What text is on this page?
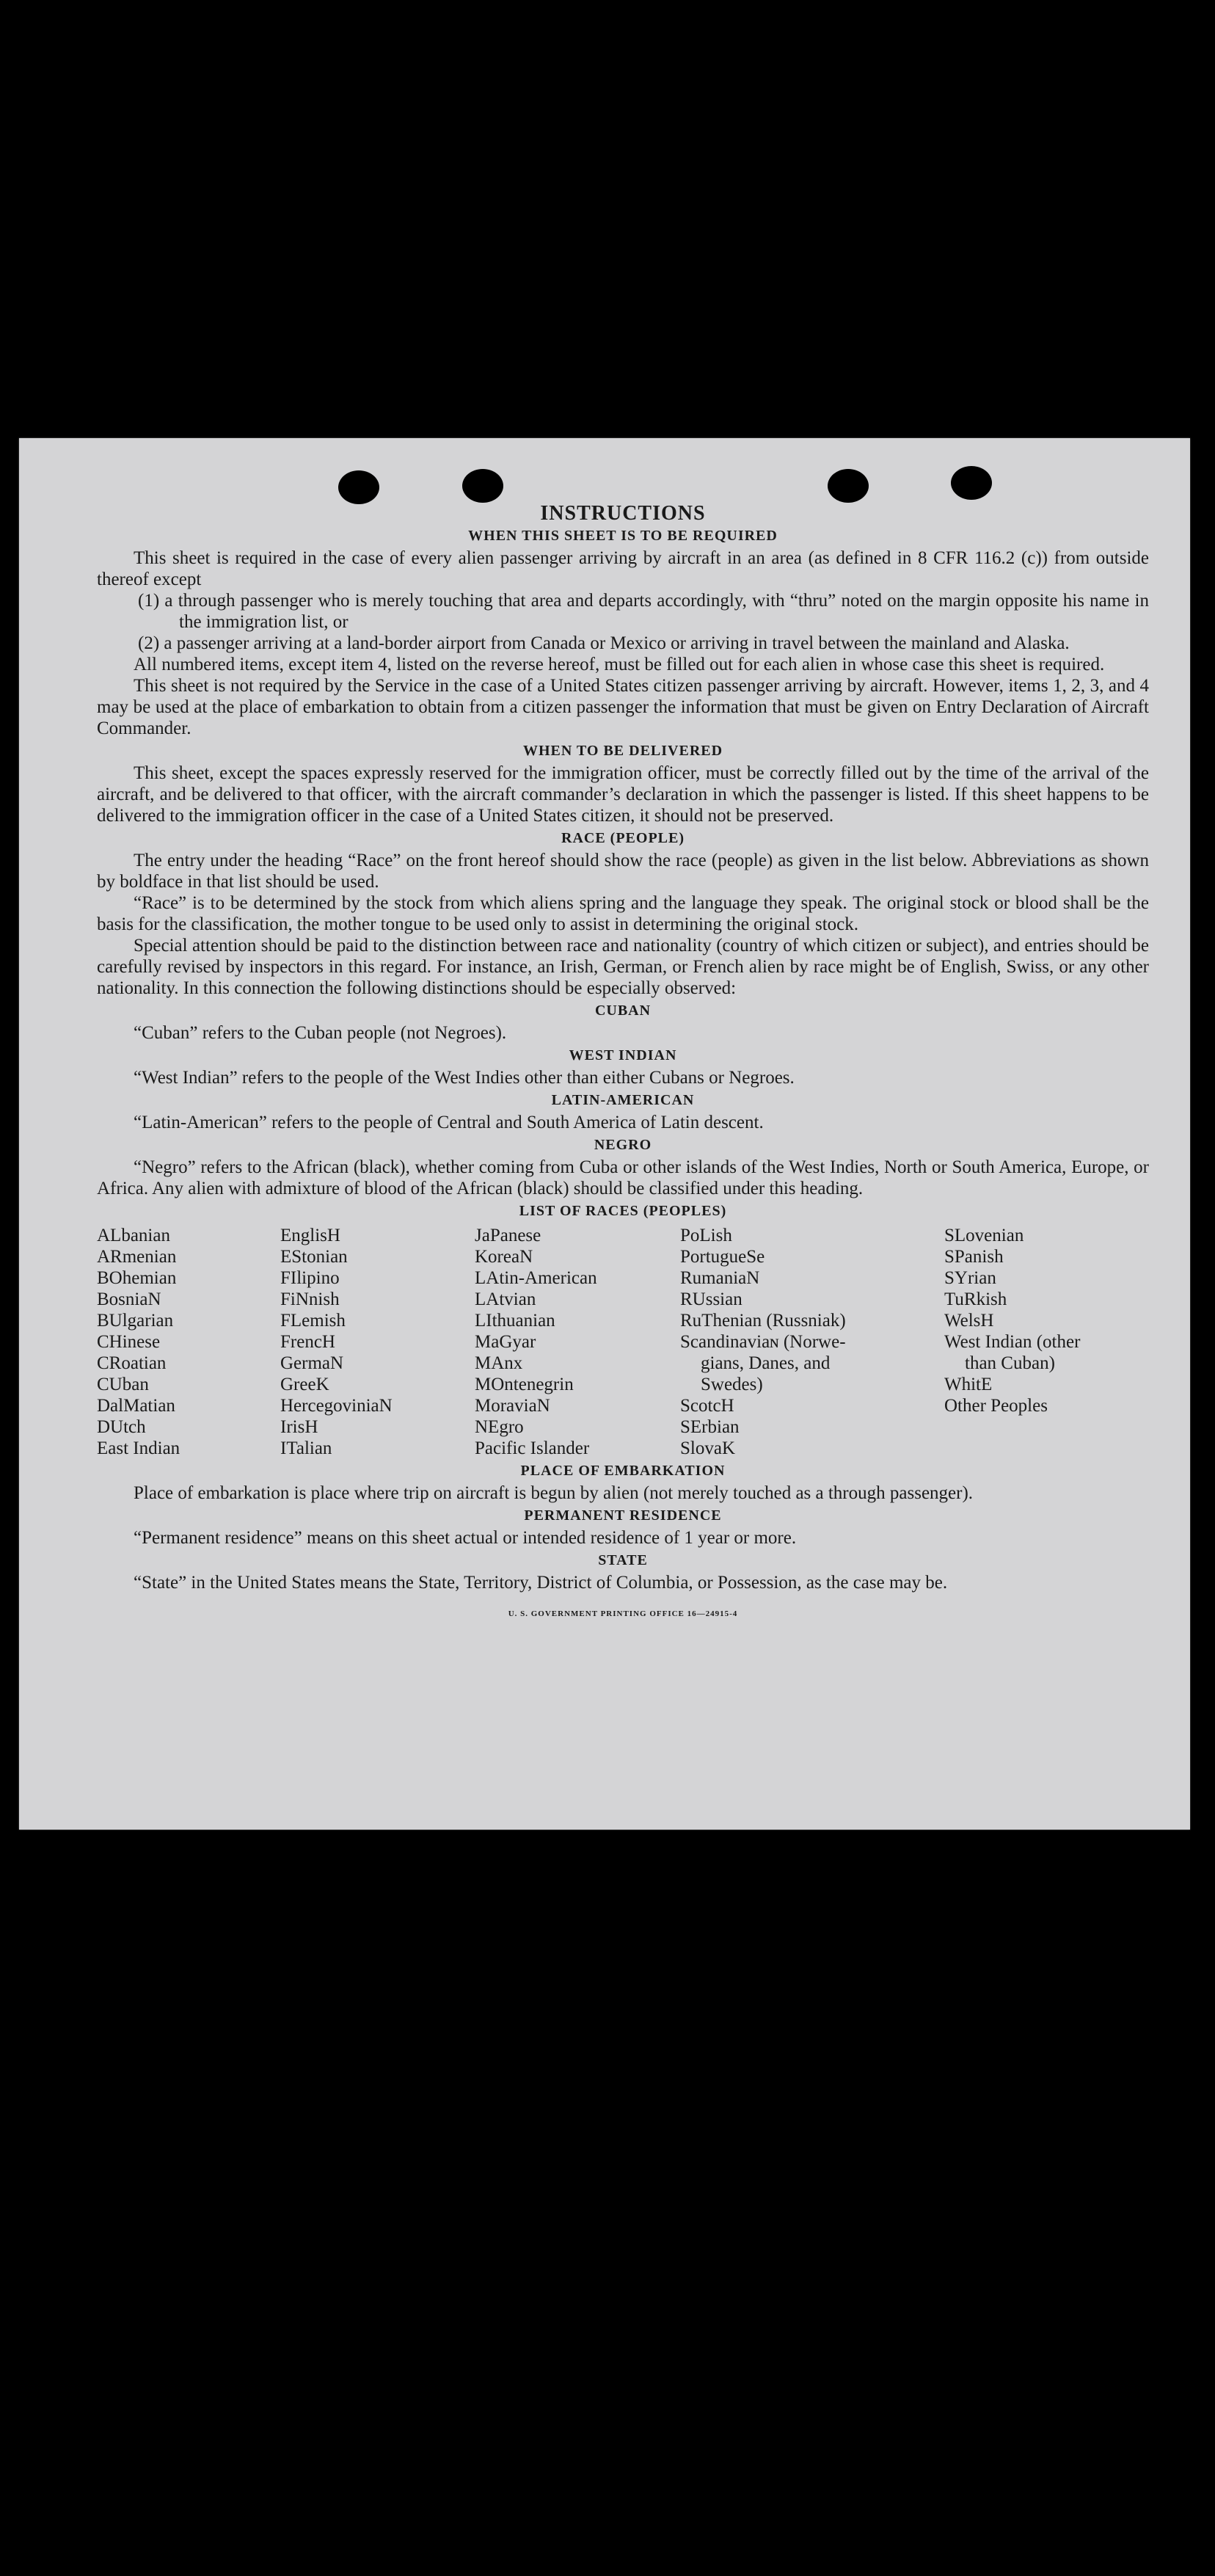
INSTRUCTIONS
WHEN THIS SHEET IS TO BE REQUIRED

This sheet is required in the case of every alien passenger arriving by aircraft in an area (as defined in 8 CFR 116.2 (c)) from outside thereof except

(1) a through passenger who is merely touching that area and departs accordingly, with “thru” noted on the margin opposite his name in the immigration list, or
(2) a passenger arriving at a land-border airport from Canada or Mexico or arriving in travel between the mainland and Alaska.

All numbered items, except item 4, listed on the reverse hereof, must be filled out for each alien in whose case this sheet is required.

This sheet is not required by the Service in the case of a United States citizen passenger arriving by aircraft. However, items 1, 2, 3, and 4 may be used at the place of embarkation to obtain from a citizen passenger the information that must be given on Entry Declaration of Aircraft Commander.

WHEN TO BE DELIVERED

This sheet, except the spaces expressly reserved for the immigration officer, must be correctly filled out by the time of the arrival of the aircraft, and be delivered to that officer, with the aircraft commander’s declaration in which the passenger is listed. If this sheet happens to be delivered to the immigration officer in the case of a United States citizen, it should not be preserved.

RACE (PEOPLE)

The entry under the heading “Race” on the front hereof should show the race (people) as given in the list below. Abbreviations as shown by boldface in that list should be used.

“Race” is to be determined by the stock from which aliens spring and the language they speak. The original stock or blood shall be the basis for the classification, the mother tongue to be used only to assist in determining the original stock.

Special attention should be paid to the distinction between race and nationality (country of which citizen or subject), and entries should be carefully revised by inspectors in this regard. For instance, an Irish, German, or French alien by race might be of English, Swiss, or any other nationality. In this connection the following distinctions should be especially observed:

CUBAN

“Cuban” refers to the Cuban people (not Negroes).

WEST INDIAN

“West Indian” refers to the people of the West Indies other than either Cubans or Negroes.

LATIN-AMERICAN

“Latin-American” refers to the people of Central and South America of Latin descent.

NEGRO

“Negro” refers to the African (black), whether coming from Cuba or other islands of the West Indies, North or South America, Europe, or Africa. Any alien with admixture of blood of the African (black) should be classified under this heading.

LIST OF RACES (PEOPLES)
ALbanian
ARmenian
BOhemian
BosniaN
BUlgarian
CHinese
CRoatian
CUban
DalMatian
DUtch
East Indian
EnglisH
EStonian
FIlipino
FiNnish
FLemish
FrencH
GermaN
GreeK
HercegoviniaN
IrisH
ITalian
JaPanese
KoreaN
LAtin-American
LAtvian
LIthuanian
MaGyar
MAnx
MOntenegrin
MoraviaN
NEgro
Pacific Islander
PoLish
PortugueSe
RumaniaN
RUssian
RuThenian (Russniak)
Scandinaviaɴ (Norwe-
gians, Danes, and
Swedes)
ScotcH
SErbian
SlovaK
SLovenian
SPanish
SYrian
TuRkish
WelsH
West Indian (other
than Cuban)
WhitE
Other Peoples
PLACE OF EMBARKATION

Place of embarkation is place where trip on aircraft is begun by alien (not merely touched as a through passenger).

PERMANENT RESIDENCE

“Permanent residence” means on this sheet actual or intended residence of 1 year or more.

STATE

“State” in the United States means the State, Territory, District of Columbia, or Possession, as the case may be.

U. S. GOVERNMENT PRINTING OFFICE 16—24915-4
